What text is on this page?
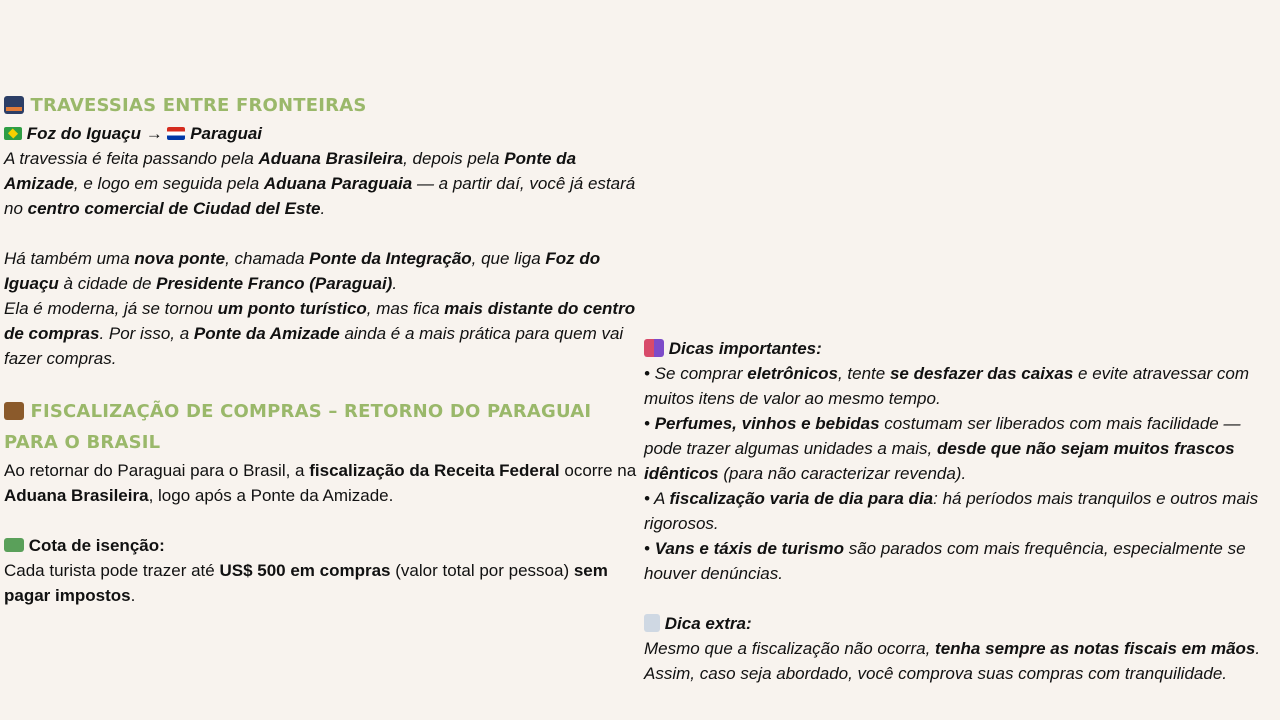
TRAVESSIAS ENTRE FRONTEIRAS

Foz do Iguaçu → Paraguai

A travessia é feita passando pela Aduana Brasileira, depois pela Ponte da Amizade, e logo em seguida pela Aduana Paraguaia — a partir daí, você já estará no centro comercial de Ciudad del Este.

Há também uma nova ponte, chamada Ponte da Integração, que liga Foz do Iguaçu à cidade de Presidente Franco (Paraguai).

Ela é moderna, já se tornou um ponto turístico, mas fica mais distante do centro de compras. Por isso, a Ponte da Amizade ainda é a mais prática para quem vai fazer compras.

FISCALIZAÇÃO DE COMPRAS – RETORNO DO PARAGUAI PARA O BRASIL

Ao retornar do Paraguai para o Brasil, a fiscalização da Receita Federal ocorre na Aduana Brasileira, logo após a Ponte da Amizade.

Cota de isenção:

Cada turista pode trazer até US$ 500 em compras (valor total por pessoa) sem pagar impostos.

Dicas importantes:

• Se comprar eletrônicos, tente se desfazer das caixas e evite atravessar com muitos itens de valor ao mesmo tempo.

• Perfumes, vinhos e bebidas costumam ser liberados com mais facilidade — pode trazer algumas unidades a mais, desde que não sejam muitos frascos idênticos (para não caracterizar revenda).

• A fiscalização varia de dia para dia: há períodos mais tranquilos e outros mais rigorosos.

• Vans e táxis de turismo são parados com mais frequência, especialmente se houver denúncias.

Dica extra:

Mesmo que a fiscalização não ocorra, tenha sempre as notas fiscais em mãos. Assim, caso seja abordado, você comprova suas compras com tranquilidade.
